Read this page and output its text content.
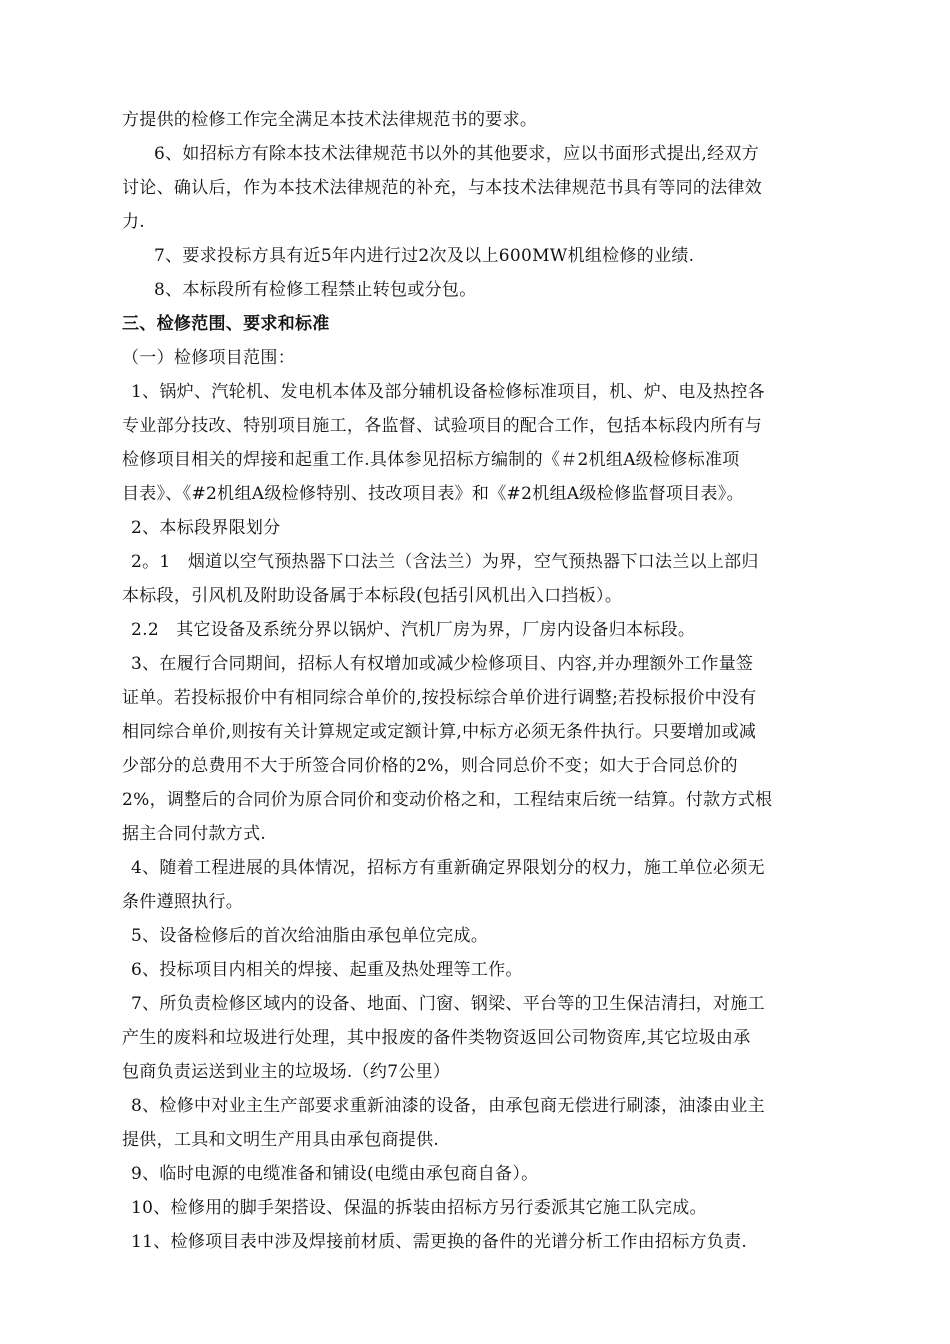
方提供的检修工作完全满足本技术法律规范书的要求。
6、如招标方有除本技术法律规范书以外的其他要求，应以书面形式提出,经双方
讨论、确认后，作为本技术法律规范的补充，与本技术法律规范书具有等同的法律效
力.
7、要求投标方具有近5年内进行过2次及以上600MW机组检修的业绩.
8、本标段所有检修工程禁止转包或分包。
三、检修范围、要求和标准
（一）检修项目范围：
1、锅炉、汽轮机、发电机本体及部分辅机设备检修标准项目，机、炉、电及热控各
专业部分技改、特别项目施工，各监督、试验项目的配合工作，包括本标段内所有与
检修项目相关的焊接和起重工作.具体参见招标方编制的《＃2机组A级检修标准项
目表》、《#2机组A级检修特别、技改项目表》和《#2机组A级检修监督项目表》。
2、本标段界限划分
2。1　烟道以空气预热器下口法兰（含法兰）为界，空气预热器下口法兰以上部归
本标段，引风机及附助设备属于本标段(包括引风机出入口挡板）。
2.2　其它设备及系统分界以锅炉、汽机厂房为界，厂房内设备归本标段。
3、在履行合同期间，招标人有权增加或减少检修项目、内容,并办理额外工作量签
证单。若投标报价中有相同综合单价的,按投标综合单价进行调整;若投标报价中没有
相同综合单价,则按有关计算规定或定额计算,中标方必须无条件执行。只要增加或减
少部分的总费用不大于所签合同价格的2%，则合同总价不变；如大于合同总价的
2%，调整后的合同价为原合同价和变动价格之和，工程结束后统一结算。付款方式根
据主合同付款方式.
4、随着工程进展的具体情况，招标方有重新确定界限划分的权力，施工单位必须无
条件遵照执行。
5、设备检修后的首次给油脂由承包单位完成。
6、投标项目内相关的焊接、起重及热处理等工作。
7、所负责检修区域内的设备、地面、门窗、钢梁、平台等的卫生保洁清扫，对施工
产生的废料和垃圾进行处理，其中报废的备件类物资返回公司物资库,其它垃圾由承
包商负责运送到业主的垃圾场.（约7公里）
8、检修中对业主生产部要求重新油漆的设备，由承包商无偿进行刷漆，油漆由业主
提供，工具和文明生产用具由承包商提供.
9、临时电源的电缆准备和铺设(电缆由承包商自备）。
10、检修用的脚手架搭设、保温的拆装由招标方另行委派其它施工队完成。
11、检修项目表中涉及焊接前材质、需更换的备件的光谱分析工作由招标方负责.
